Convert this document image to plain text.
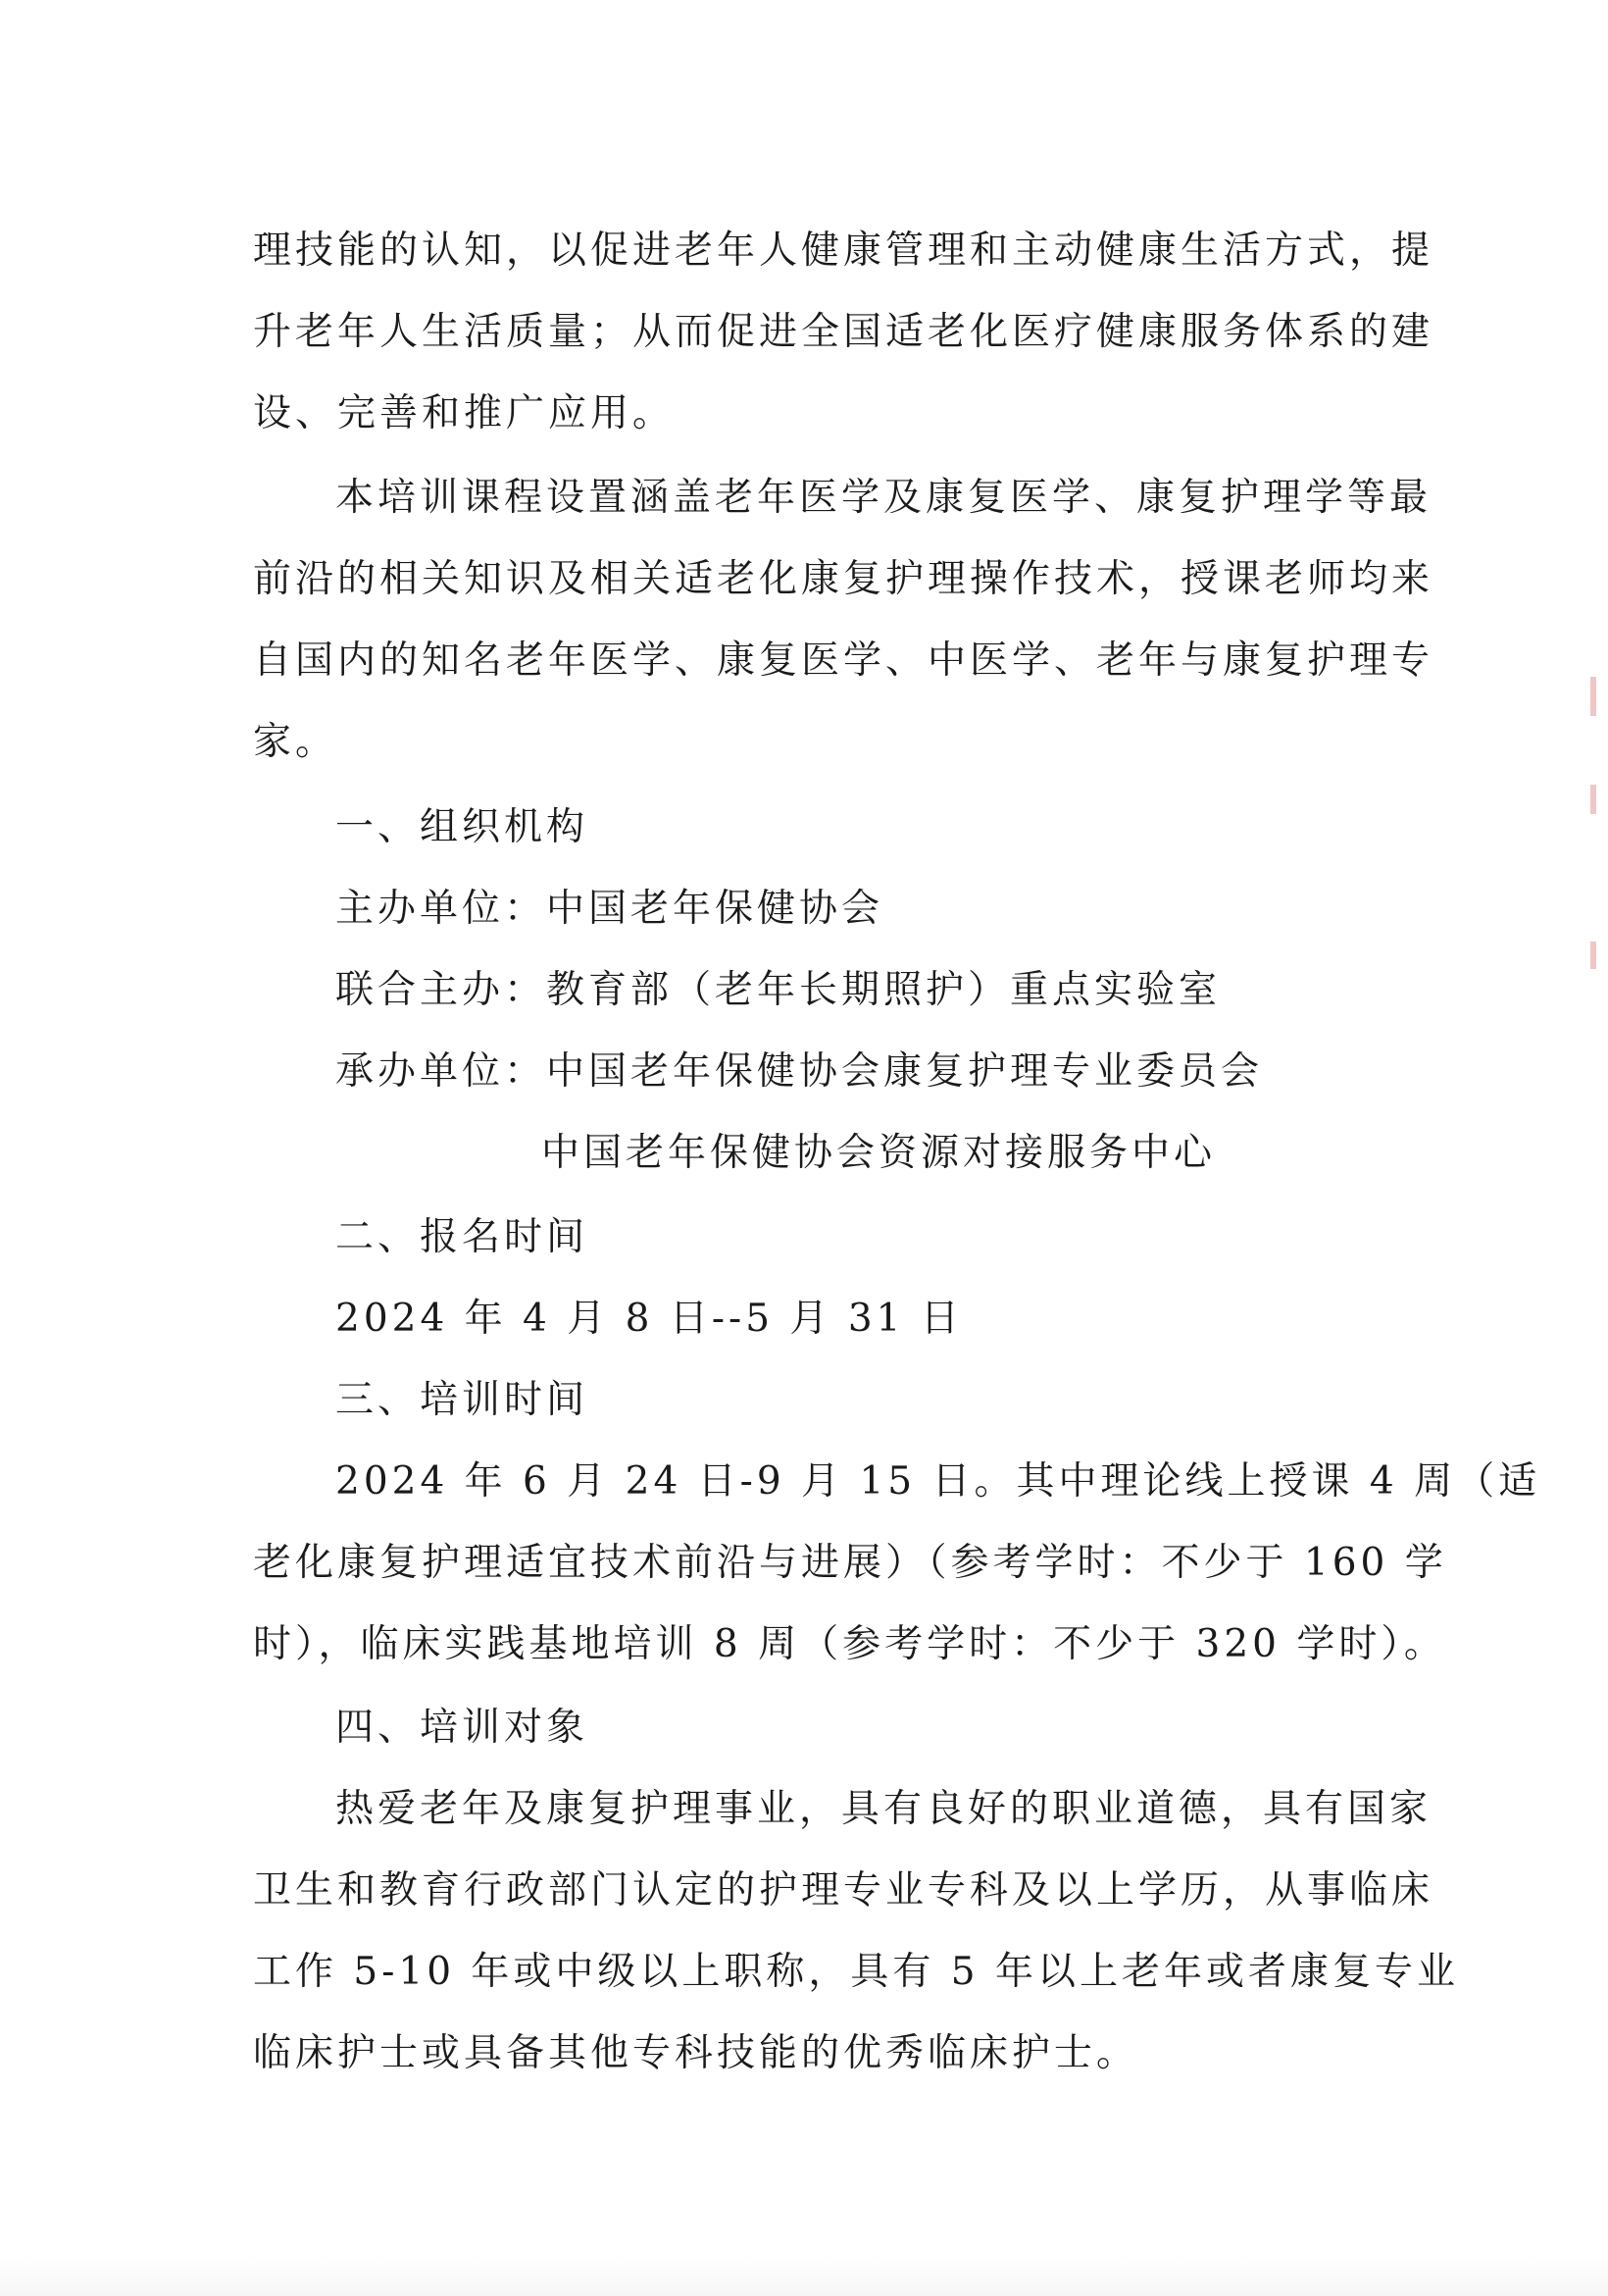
理技能的认知，以促进老年人健康管理和主动健康生活方式，提
升老年人生活质量；从而促进全国适老化医疗健康服务体系的建
设、完善和推广应用。
本培训课程设置涵盖老年医学及康复医学、康复护理学等最
前沿的相关知识及相关适老化康复护理操作技术，授课老师均来
自国内的知名老年医学、康复医学、中医学、老年与康复护理专
家。
一、组织机构
主办单位：中国老年保健协会
联合主办：教育部（老年长期照护）重点实验室
承办单位：中国老年保健协会康复护理专业委员会
中国老年保健协会资源对接服务中心
二、报名时间
2024 年 4 月 8 日--5 月 31 日
三、培训时间
2024 年 6 月 24 日-9 月 15 日。其中理论线上授课 4 周（适
老化康复护理适宜技术前沿与进展）（参考学时：不少于 160 学
时），临床实践基地培训 8 周（参考学时：不少于 320 学时）。
四、培训对象
热爱老年及康复护理事业，具有良好的职业道德，具有国家
卫生和教育行政部门认定的护理专业专科及以上学历，从事临床
工作 5-10 年或中级以上职称，具有 5 年以上老年或者康复专业
临床护士或具备其他专科技能的优秀临床护士。
